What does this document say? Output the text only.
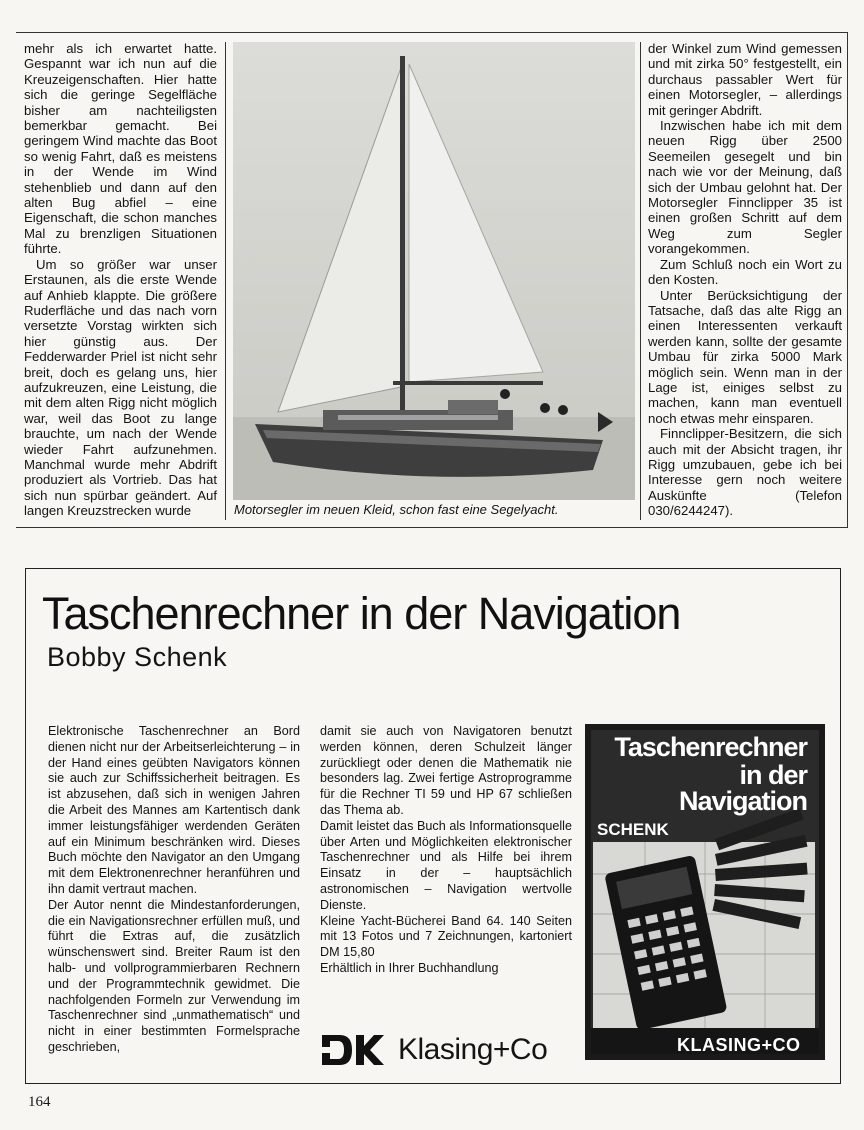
mehr als ich erwartet hatte. Gespannt war ich nun auf die Kreuzeigenschaften. Hier hatte sich die geringe Segelfläche bisher am nachteiligsten bemerkbar gemacht. Bei geringem Wind machte das Boot so wenig Fahrt, daß es meistens in der Wende im Wind stehenblieb und dann auf den alten Bug abfiel – eine Eigenschaft, die schon manches Mal zu brenzligen Situationen führte.

Um so größer war unser Erstaunen, als die erste Wende auf Anhieb klappte. Die größere Ruderfläche und das nach vorn versetzte Vorstag wirkten sich hier günstig aus. Der Fedderwarder Priel ist nicht sehr breit, doch es gelang uns, hier aufzukreuzen, eine Leistung, die mit dem alten Rigg nicht möglich war, weil das Boot zu lange brauchte, um nach der Wende wieder Fahrt aufzunehmen. Manchmal wurde mehr Abdrift produziert als Vortrieb. Das hat sich nun spürbar geändert. Auf langen Kreuzstrecken wurde	Motorsegler im neuen Kleid, schon fast eine Segelyacht.

der Winkel zum Wind gemessen und mit zirka 50° festgestellt, ein durchaus passabler Wert für einen Motorsegler, – allerdings mit geringer Abdrift.

Inzwischen habe ich mit dem neuen Rigg über 2500 Seemeilen gesegelt und bin nach wie vor der Meinung, daß sich der Umbau gelohnt hat. Der Motorsegler Finnclipper 35 ist einen großen Schritt auf dem Weg zum Segler vorangekommen.

Zum Schluß noch ein Wort zu den Kosten.

Unter Berücksichtigung der Tatsache, daß das alte Rigg an einen Interessenten verkauft werden kann, sollte der gesamte Umbau für zirka 5000 Mark möglich sein. Wenn man in der Lage ist, einiges selbst zu machen, kann man eventuell noch etwas mehr einsparen.

Finnclipper-Besitzern, die sich auch mit der Absicht tragen, ihr Rigg umzubauen, gebe ich bei Interesse gern noch weitere Auskünfte (Telefon 030/6244247).

Taschenrechner in der Navigation
Bobby Schenk

Elektronische Taschenrechner an Bord dienen nicht nur der Arbeitserleichterung – in der Hand eines geübten Navigators können sie auch zur Schiffssicherheit beitragen. Es ist abzusehen, daß sich in wenigen Jahren die Arbeit des Mannes am Kartentisch dank immer leistungsfähiger werdenden Geräten auf ein Minimum beschränken wird. Dieses Buch möchte den Navigator an den Umgang mit dem Elektronenrechner heranführen und ihn damit vertraut machen.

Der Autor nennt die Mindestanforderungen, die ein Navigationsrechner erfüllen muß, und führt die Extras auf, die zusätzlich wünschenswert sind. Breiter Raum ist den halb- und vollprogrammierbaren Rechnern und der Programmtechnik gewidmet. Die nachfolgenden Formeln zur Verwendung im Taschenrechner sind „unmathematisch“ und nicht in einer bestimmten Formelsprache geschrieben,

damit sie auch von Navigatoren benutzt werden können, deren Schulzeit länger zurückliegt oder denen die Mathematik nie besonders lag. Zwei fertige Astroprogramme für die Rechner TI 59 und HP 67 schließen das Thema ab.

Damit leistet das Buch als Informationsquelle über Arten und Möglichkeiten elektronischer Taschenrechner und als Hilfe bei ihrem Einsatz in der – hauptsächlich astronomischen – Navigation wertvolle Dienste.

Kleine Yacht-Bücherei Band 64. 140 Seiten mit 13 Fotos und 7 Zeichnungen, kartoniert DM 15,80

Erhältlich in Ihrer Buchhandlung

Klasing+Co
Taschenrechner
in der
Navigation
SCHENK
KLASING+CO
164
